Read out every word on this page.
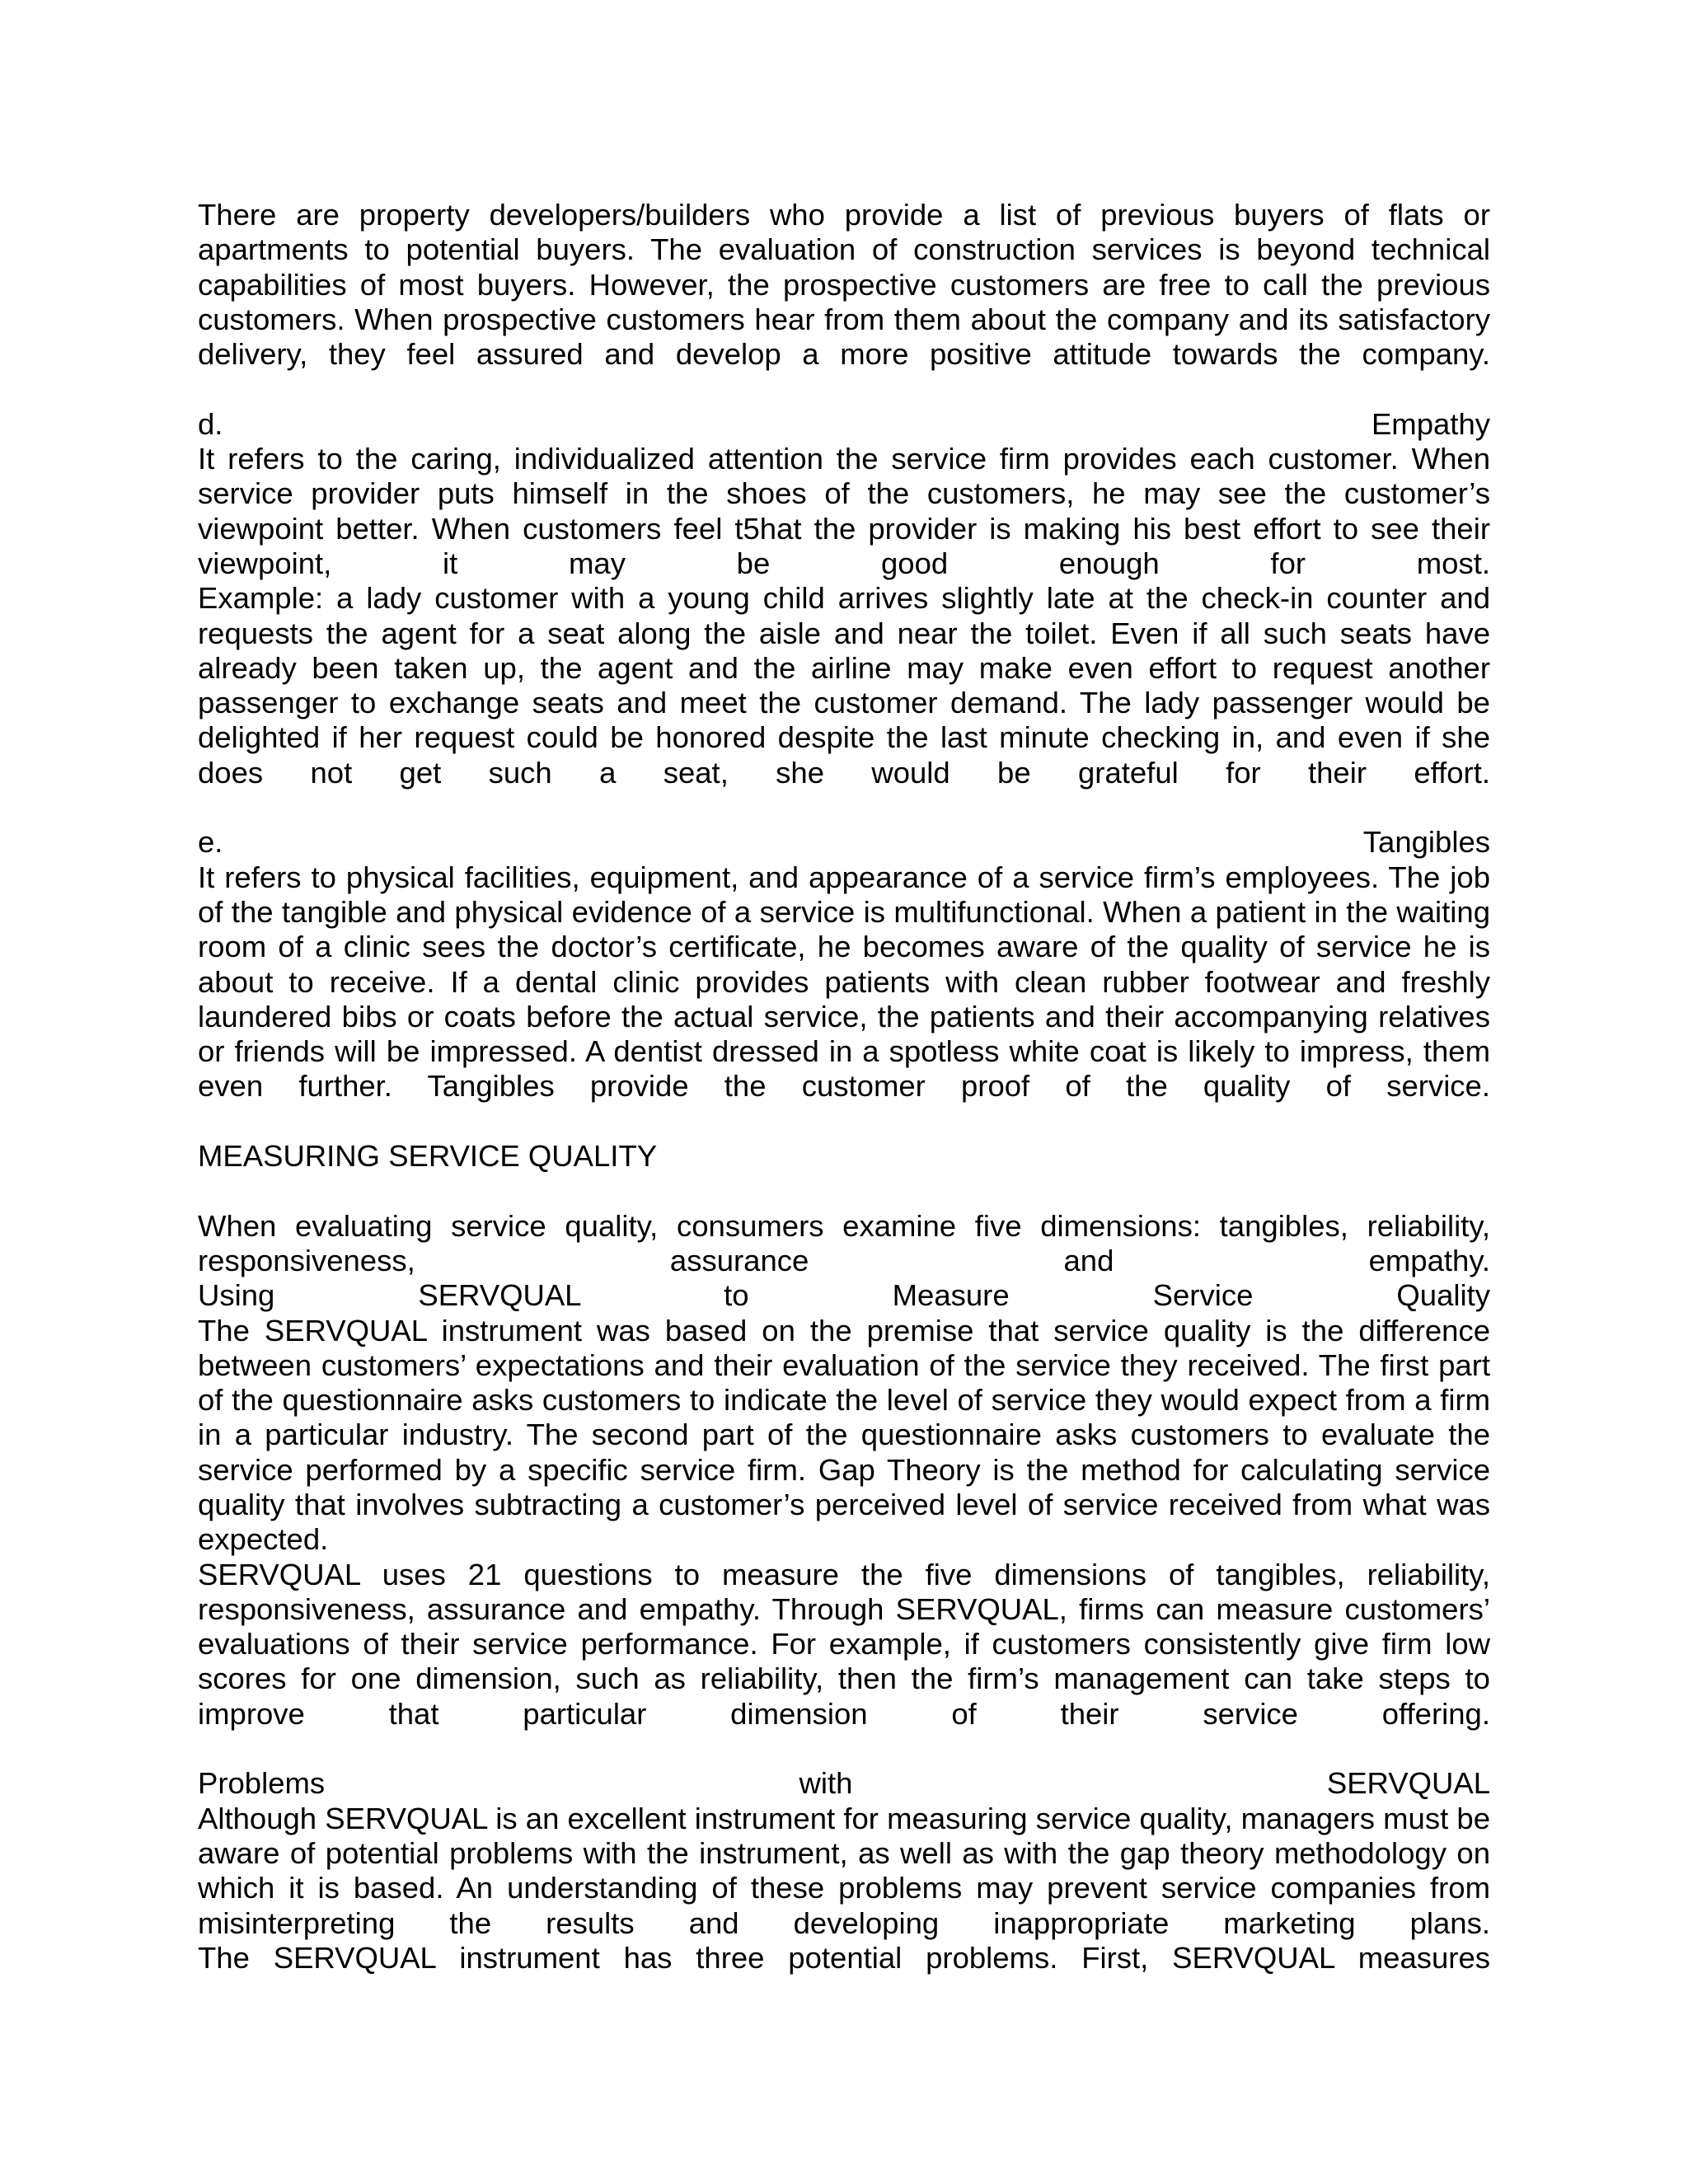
There are property developers/builders who provide a list of previous buyers of flats or apartments to potential buyers. The evaluation of construction services is beyond technical capabilities of most buyers. However, the prospective customers are free to call the previous customers. When prospective customers hear from them about the company and its satisfactory delivery, they feel assured and develop a more positive attitude towards the company.

d.	Empathy

It refers to the caring, individualized attention the service firm provides each customer. When service provider puts himself in the shoes of the customers, he may see the customer’s viewpoint better. When customers feel t5hat the provider is making his best effort to see their viewpoint, it may be good enough for most.

Example: a lady customer with a young child arrives slightly late at the check-in counter and requests the agent for a seat along the aisle and near the toilet. Even if all such seats have already been taken up, the agent and the airline may make even effort to request another passenger to exchange seats and meet the customer demand. The lady passenger would be delighted if her request could be honored despite the last minute checking in, and even if she does not get such a seat, she would be grateful for their effort.

e.	Tangibles

It refers to physical facilities, equipment, and appearance of a service firm’s employees. The job of the tangible and physical evidence of a service is multifunctional. When a patient in the waiting room of a clinic sees the doctor’s certificate, he becomes aware of the quality of service he is about to receive. If a dental clinic provides patients with clean rubber footwear and freshly laundered bibs or coats before the actual service, the patients and their accompanying relatives or friends will be impressed. A dentist dressed in a spotless white coat is likely to impress, them even further. Tangibles provide the customer proof of the quality of service.

MEASURING SERVICE QUALITY

When evaluating service quality, consumers examine five dimensions: tangibles, reliability, responsiveness, assurance and empathy.

Using SERVQUAL to Measure Service Quality

The SERVQUAL instrument was based on the premise that service quality is the difference between customers’ expectations and their evaluation of the service they received. The first part of the questionnaire asks customers to indicate the level of service they would expect from a firm in a particular industry. The second part of the questionnaire asks customers to evaluate the service performed by a specific service firm. Gap Theory is the method for calculating service quality that involves subtracting a customer’s perceived level of service received from what was expected.

SERVQUAL uses 21 questions to measure the five dimensions of tangibles, reliability, responsiveness, assurance and empathy. Through SERVQUAL, firms can measure customers’ evaluations of their service performance. For example, if customers consistently give firm low scores for one dimension, such as reliability, then the firm’s management can take steps to improve that particular dimension of their service offering.

Problems with SERVQUAL

Although SERVQUAL is an excellent instrument for measuring service quality, managers must be aware of potential problems with the instrument, as well as with the gap theory methodology on which it is based. An understanding of these problems may prevent service companies from misinterpreting the results and developing inappropriate marketing plans.

The SERVQUAL instrument has three potential problems. First, SERVQUAL measures
